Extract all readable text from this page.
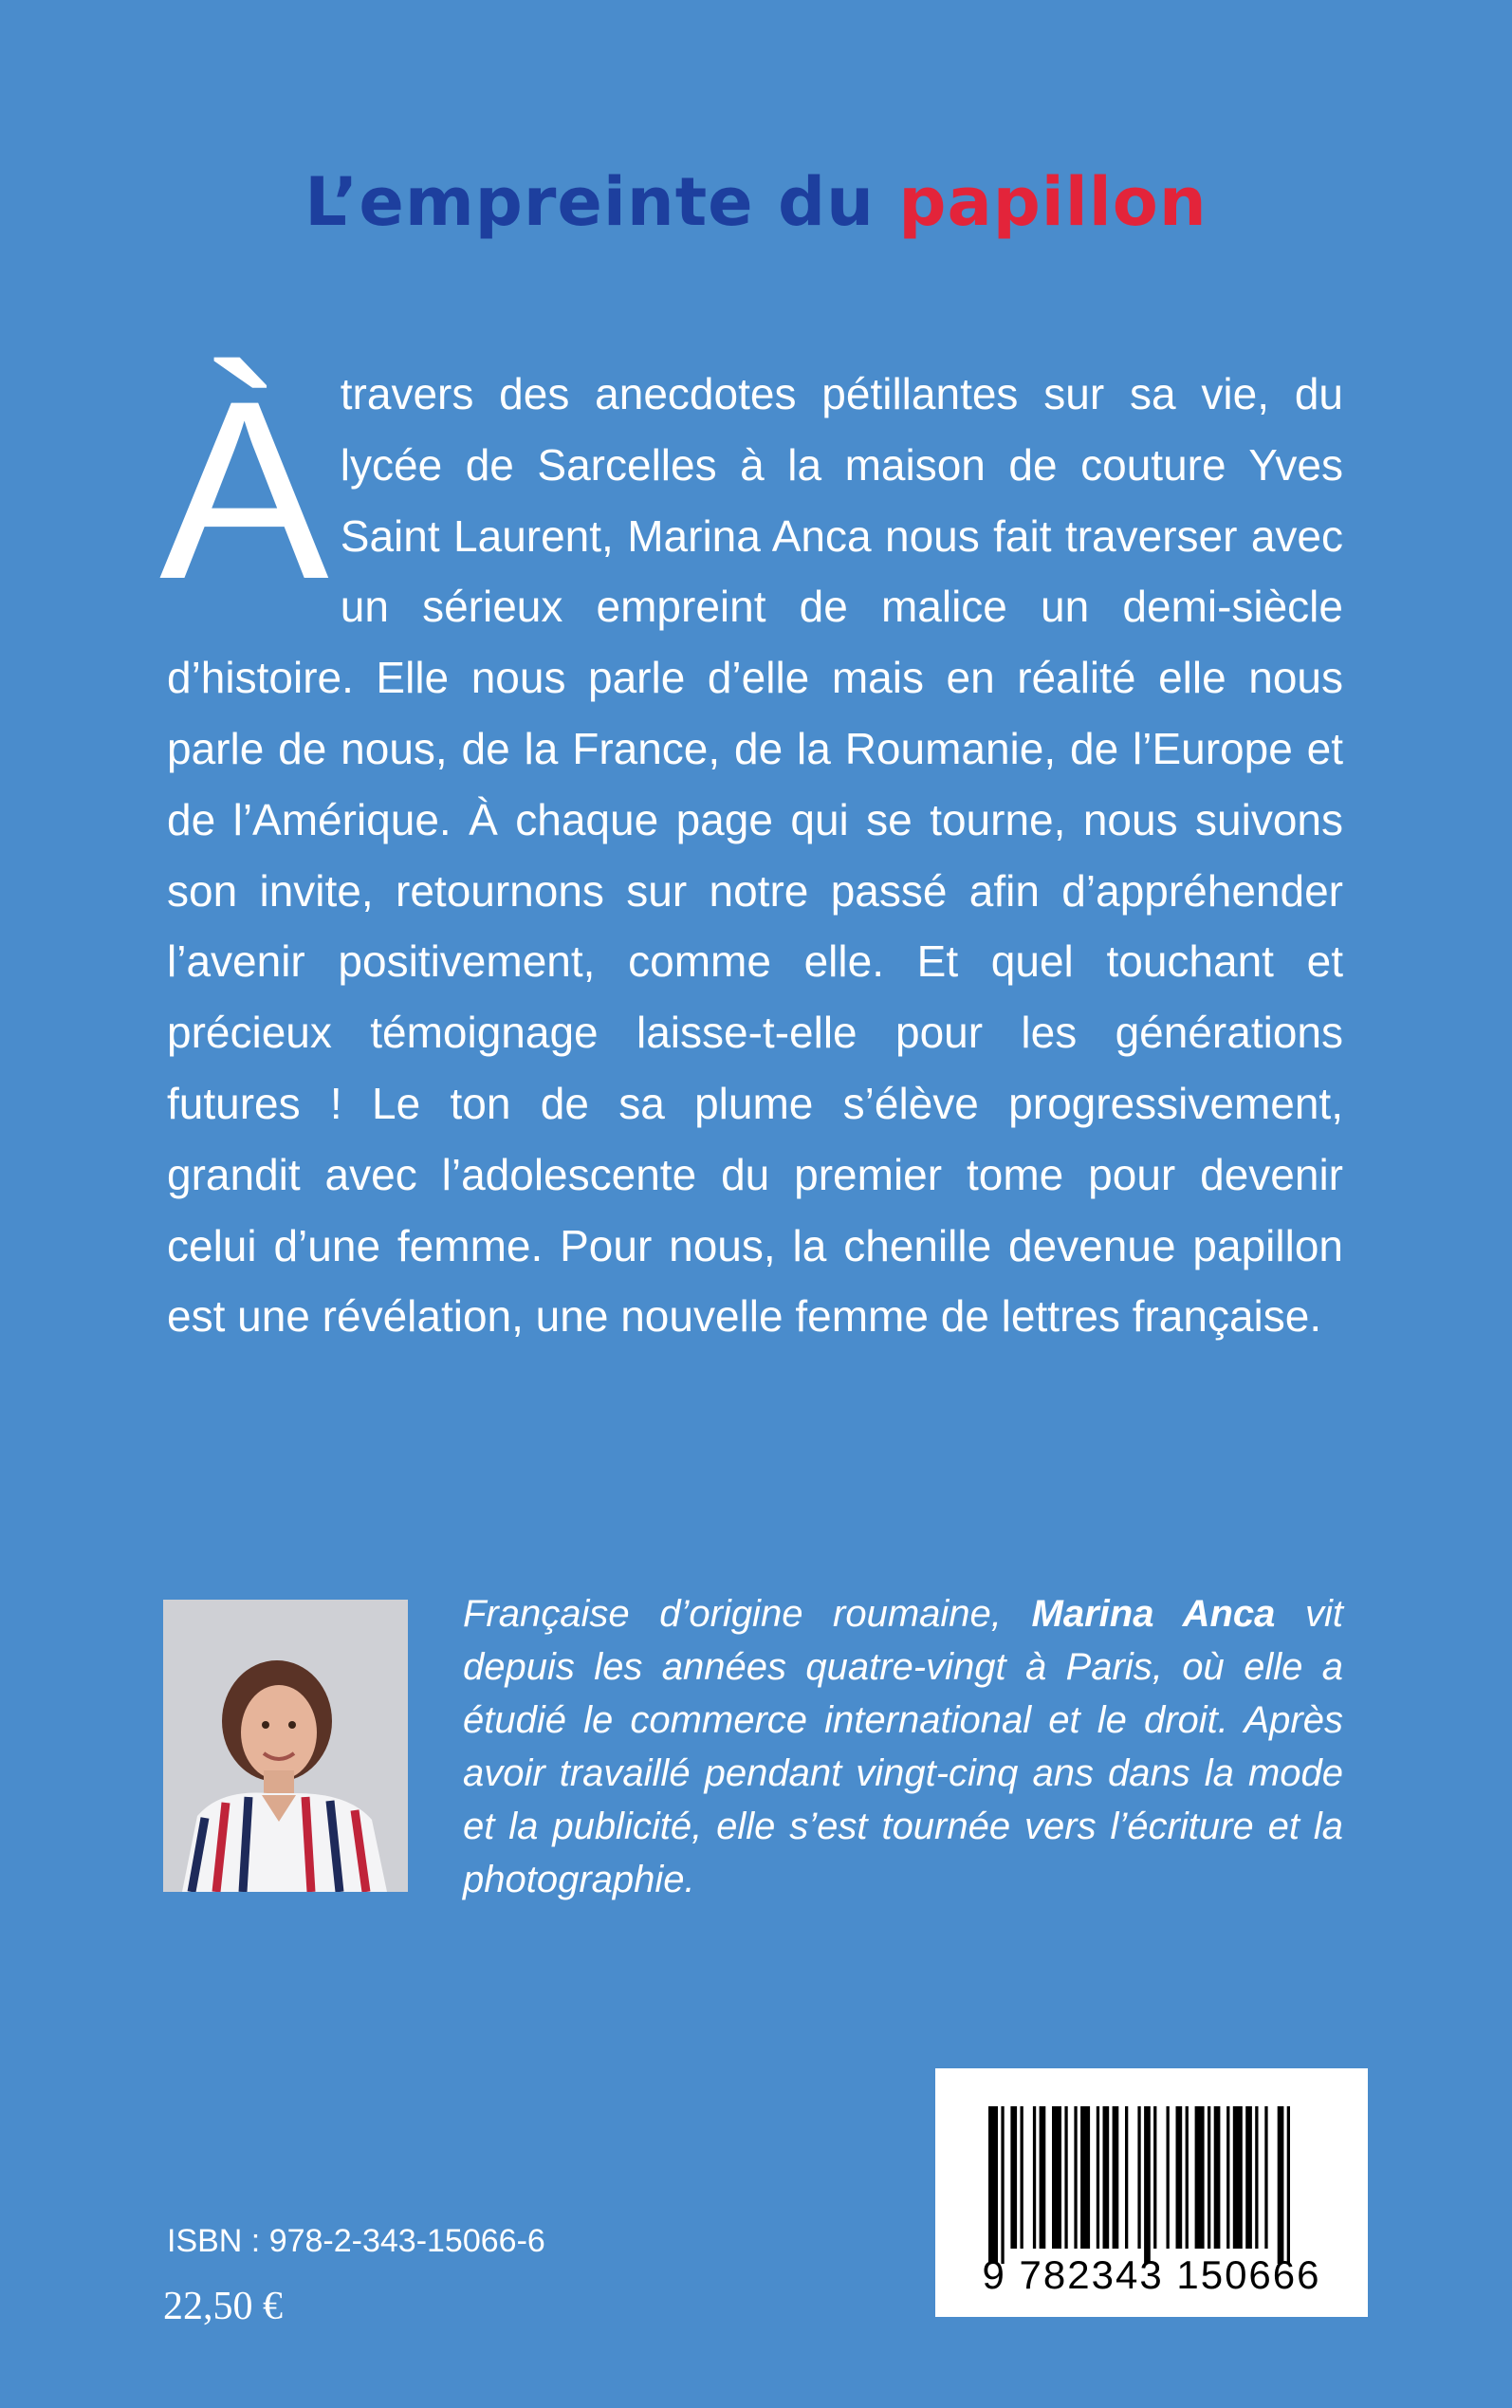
L’empreinte du papillon
À travers des anecdotes pétillantes sur sa vie, du lycée de Sarcelles à la maison de couture Yves Saint Laurent, Marina Anca nous fait traverser avec un sérieux empreint de malice un demi-siècle d’histoire. Elle nous parle d’elle mais en réalité elle nous parle de nous, de la France, de la Roumanie, de l’Europe et de l’Amérique. À chaque page qui se tourne, nous suivons son invite, retournons sur notre passé afin d’appréhender l’avenir positivement, comme elle. Et quel touchant et précieux témoignage laisse-t-elle pour les générations futures ! Le ton de sa plume s’élève progressivement, grandit avec l’adolescente du premier tome pour devenir celui d’une femme. Pour nous, la chenille devenue papillon est une révélation, une nouvelle femme de lettres française.
Française d’origine roumaine, Marina Anca vit depuis les années quatre-vingt à Paris, où elle a étudié le commerce international et le droit. Après avoir travaillé pendant vingt-cinq ans dans la mode et la publicité, elle s’est tournée vers l’écriture et la photographie.
ISBN : 978-2-343-15066-6
22,50 €
9 782343 150666
